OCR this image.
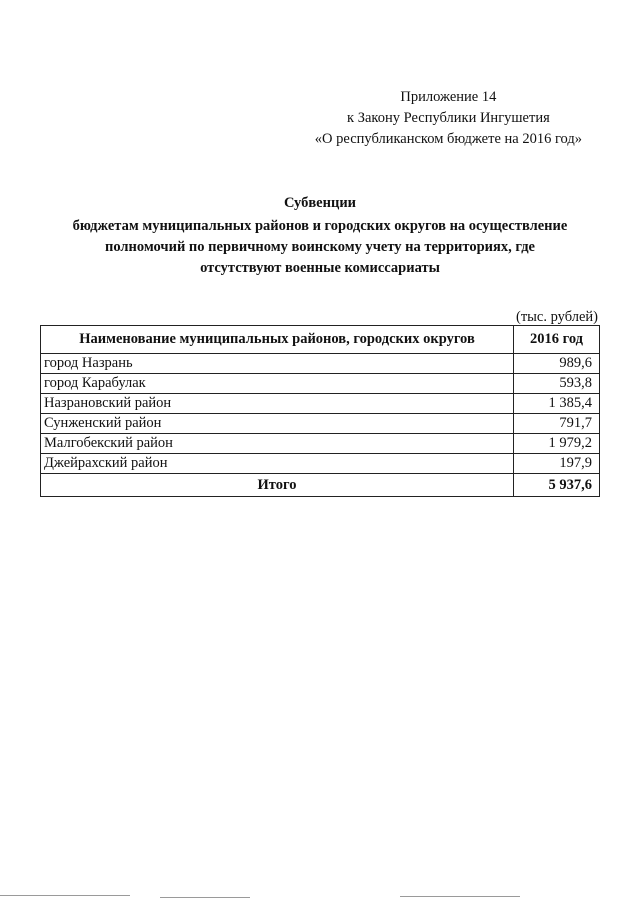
Приложение 14
к Закону Республики Ингушетия
«О республиканском бюджете на 2016 год»
Субвенции
бюджетам муниципальных районов и городских округов на осуществление
полномочий по первичному воинскому учету на территориях, где
отсутствуют военные комиссариаты
(тыс. рублей)
Наименование муниципальных районов, городских округов	2016 год
город Назрань	989,6
город Карабулак	593,8
Назрановский район	1 385,4
Сунженский район	791,7
Малгобекский район	1 979,2
Джейрахский район	197,9
Итого	5 937,6
